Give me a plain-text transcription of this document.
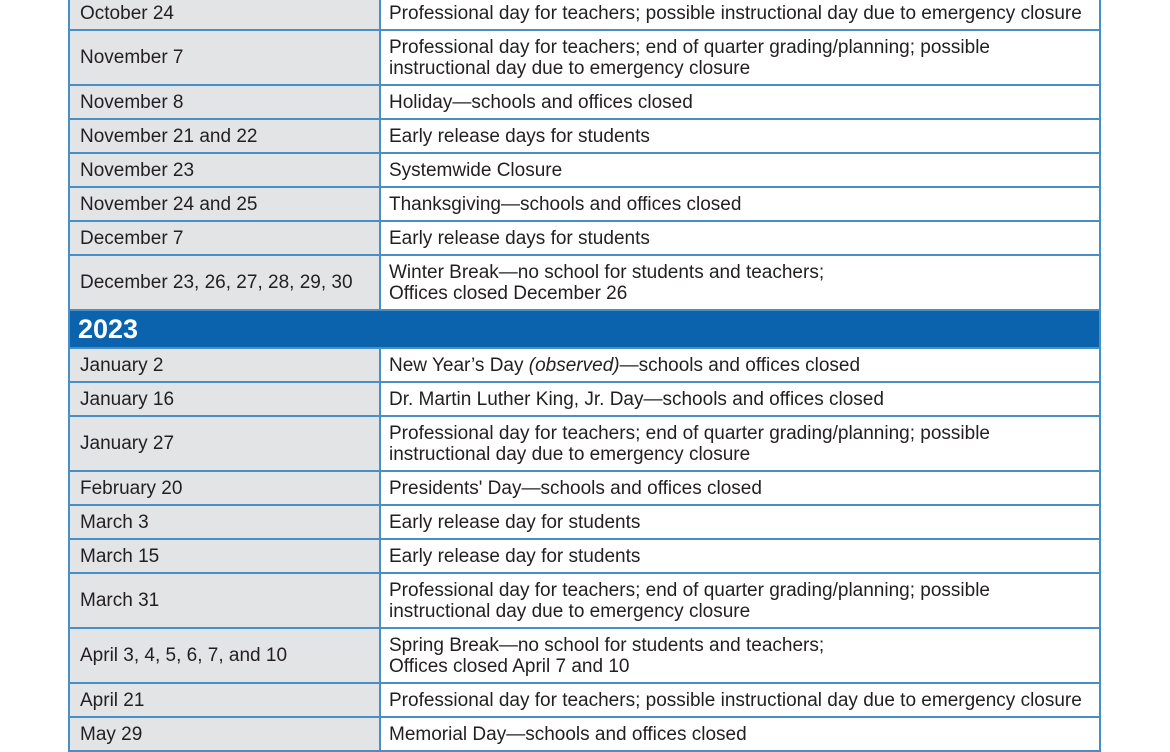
October 24	Professional day for teachers; possible instructional day due to emergency closure
November 7	Professional day for teachers; end of quarter grading/planning; possible
instructional day due to emergency closure
November 8	Holiday—schools and offices closed
November 21 and 22	Early release days for students
November 23	Systemwide Closure
November 24 and 25	Thanksgiving—schools and offices closed
December 7	Early release days for students
December 23, 26, 27, 28, 29, 30	Winter Break—no school for students and teachers;
Offices closed December 26
2023
January 2	New Year’s Day (observed)—schools and offices closed
January 16	Dr. Martin Luther King, Jr. Day—schools and offices closed
January 27	Professional day for teachers; end of quarter grading/planning; possible
instructional day due to emergency closure
February 20	Presidents' Day—schools and offices closed
March 3	Early release day for students
March 15	Early release day for students
March 31	Professional day for teachers; end of quarter grading/planning; possible
instructional day due to emergency closure
April 3, 4, 5, 6, 7, and 10	Spring Break—no school for students and teachers;
Offices closed April 7 and 10
April 21	Professional day for teachers; possible instructional day due to emergency closure
May 29	Memorial Day—schools and offices closed
